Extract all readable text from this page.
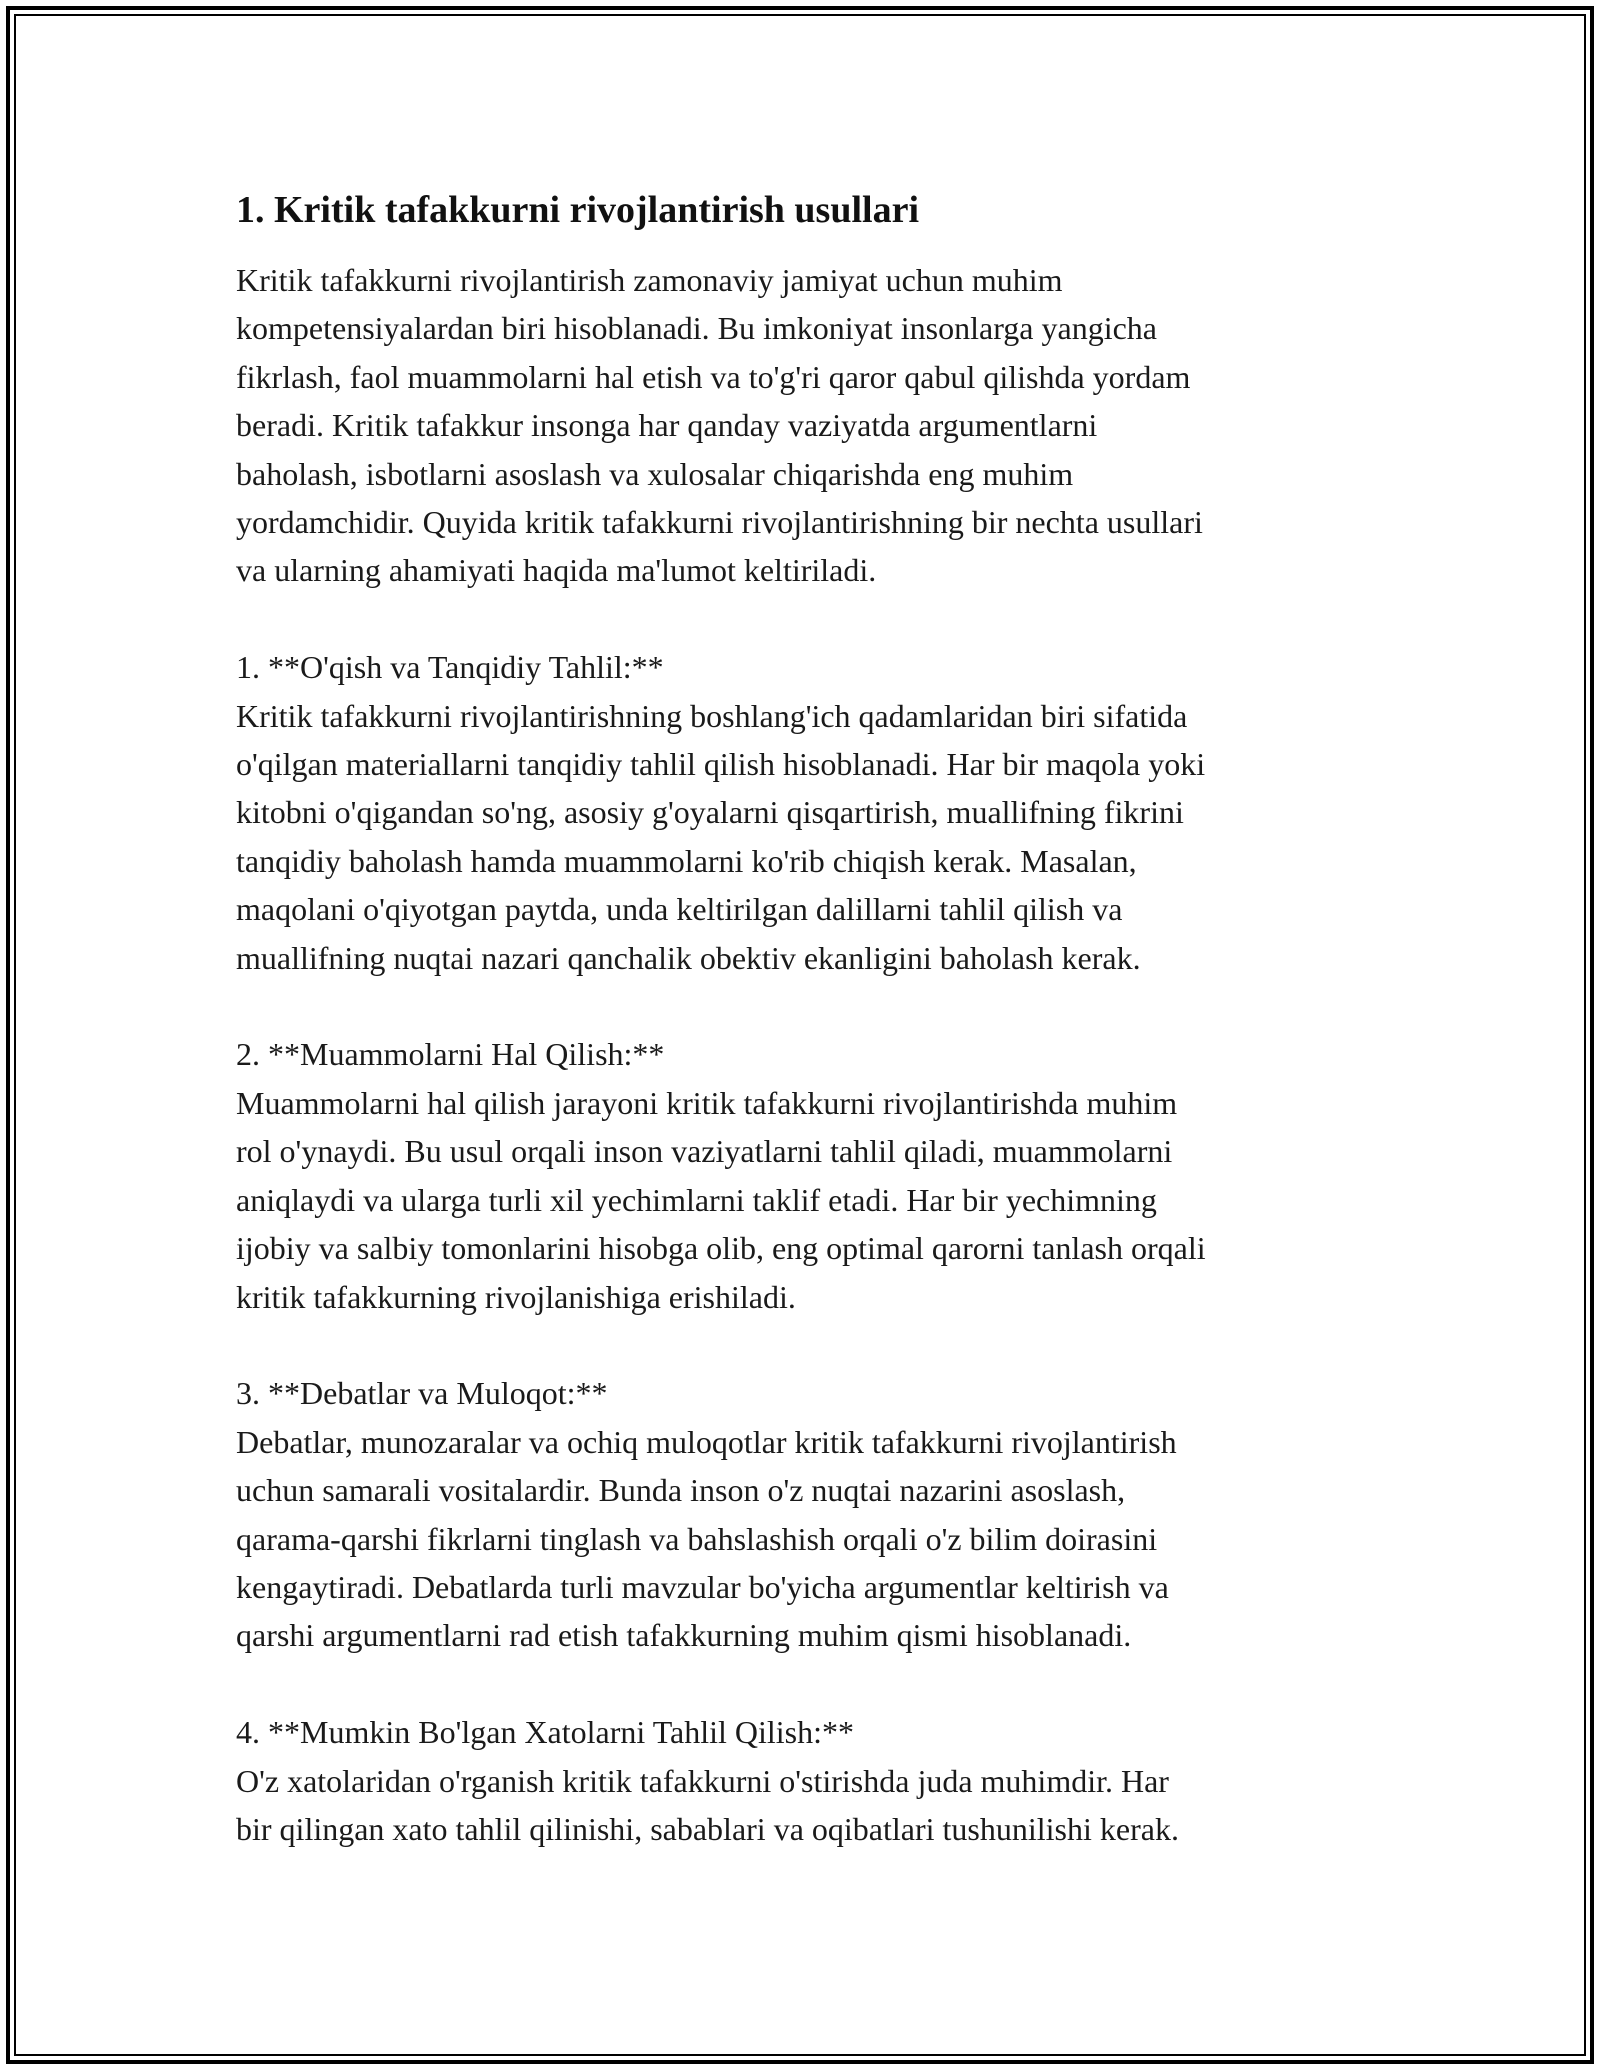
1. Kritik tafakkurni rivojlantirish usullari

Kritik tafakkurni rivojlantirish zamonaviy jamiyat uchun muhim
kompetensiyalardan biri hisoblanadi. Bu imkoniyat insonlarga yangicha
fikrlash, faol muammolarni hal etish va to'g'ri qaror qabul qilishda yordam
beradi. Kritik tafakkur insonga har qanday vaziyatda argumentlarni
baholash, isbotlarni asoslash va xulosalar chiqarishda eng muhim
yordamchidir. Quyida kritik tafakkurni rivojlantirishning bir nechta usullari
va ularning ahamiyati haqida ma'lumot keltiriladi.

1. **O'qish va Tanqidiy Tahlil:**
Kritik tafakkurni rivojlantirishning boshlang'ich qadamlaridan biri sifatida
o'qilgan materiallarni tanqidiy tahlil qilish hisoblanadi. Har bir maqola yoki
kitobni o'qigandan so'ng, asosiy g'oyalarni qisqartirish, muallifning fikrini
tanqidiy baholash hamda muammolarni ko'rib chiqish kerak. Masalan,
maqolani o'qiyotgan paytda, unda keltirilgan dalillarni tahlil qilish va
muallifning nuqtai nazari qanchalik obektiv ekanligini baholash kerak.

2. **Muammolarni Hal Qilish:**
Muammolarni hal qilish jarayoni kritik tafakkurni rivojlantirishda muhim
rol o'ynaydi. Bu usul orqali inson vaziyatlarni tahlil qiladi, muammolarni
aniqlaydi va ularga turli xil yechimlarni taklif etadi. Har bir yechimning
ijobiy va salbiy tomonlarini hisobga olib, eng optimal qarorni tanlash orqali
kritik tafakkurning rivojlanishiga erishiladi.

3. **Debatlar va Muloqot:**
Debatlar, munozaralar va ochiq muloqotlar kritik tafakkurni rivojlantirish
uchun samarali vositalardir. Bunda inson o'z nuqtai nazarini asoslash,
qarama-qarshi fikrlarni tinglash va bahslashish orqali o'z bilim doirasini
kengaytiradi. Debatlarda turli mavzular bo'yicha argumentlar keltirish va
qarshi argumentlarni rad etish tafakkurning muhim qismi hisoblanadi.

4. **Mumkin Bo'lgan Xatolarni Tahlil Qilish:**
O'z xatolaridan o'rganish kritik tafakkurni o'stirishda juda muhimdir. Har
bir qilingan xato tahlil qilinishi, sabablari va oqibatlari tushunilishi kerak.
